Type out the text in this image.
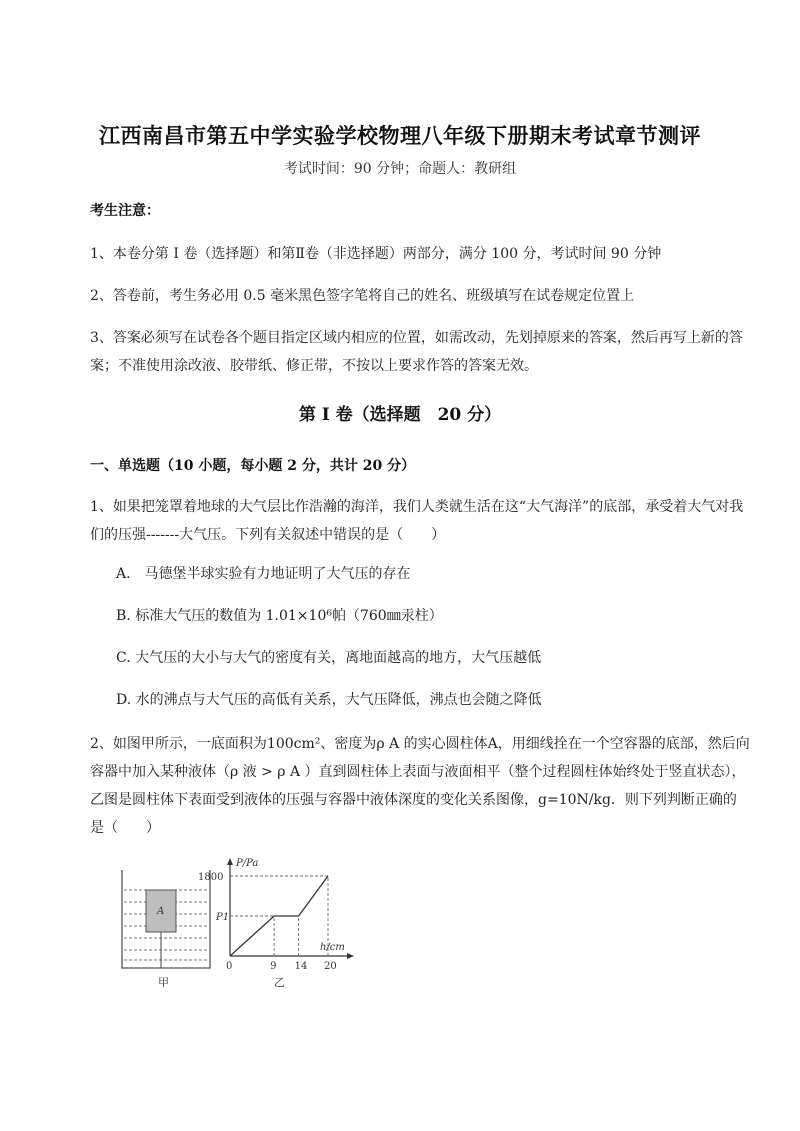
江西南昌市第五中学实验学校物理八年级下册期末考试章节测评
考试时间：90 分钟；命题人：教研组
考生注意：
1、本卷分第 I 卷（选择题）和第Ⅱ卷（非选择题）两部分，满分 100 分，考试时间 90 分钟
2、答卷前，考生务必用 0.5 毫米黑色签字笔将自己的姓名、班级填写在试卷规定位置上
3、答案必须写在试卷各个题目指定区域内相应的位置，如需改动，先划掉原来的答案，然后再写上新的答案；不准使用涂改液、胶带纸、修正带，不按以上要求作答的答案无效。
第 I 卷（选择题　20 分）
一、单选题（10 小题，每小题 2 分，共计 20 分）
1、如果把笼罩着地球的大气层比作浩瀚的海洋，我们人类就生活在这“大气海洋”的底部，承受着大气对我们的压强-------大气压。下列有关叙述中错误的是（　　）
A.　马德堡半球实验有力地证明了大气压的存在
B. 标准大气压的数值为 1.01×10⁶帕（760㎜汞柱）
C. 大气压的大小与大气的密度有关，离地面越高的地方，大气压越低
D. 水的沸点与大气压的高低有关系，大气压降低，沸点也会随之降低
2、如图甲所示，一底面积为100cm²、密度为ρ A 的实心圆柱体A，用细线拴在一个空容器的底部，然后向容器中加入某种液体（ρ 液 > ρ A ）直到圆柱体上表面与液面相平（整个过程圆柱体始终处于竖直状态），乙图是圆柱体下表面受到液体的压强与容器中液体深度的变化关系图像，g=10N/kg．则下列判断正确的是（　　）
A
甲
P/Pa
h/cm
0
1800
P1
9 14 20
乙
